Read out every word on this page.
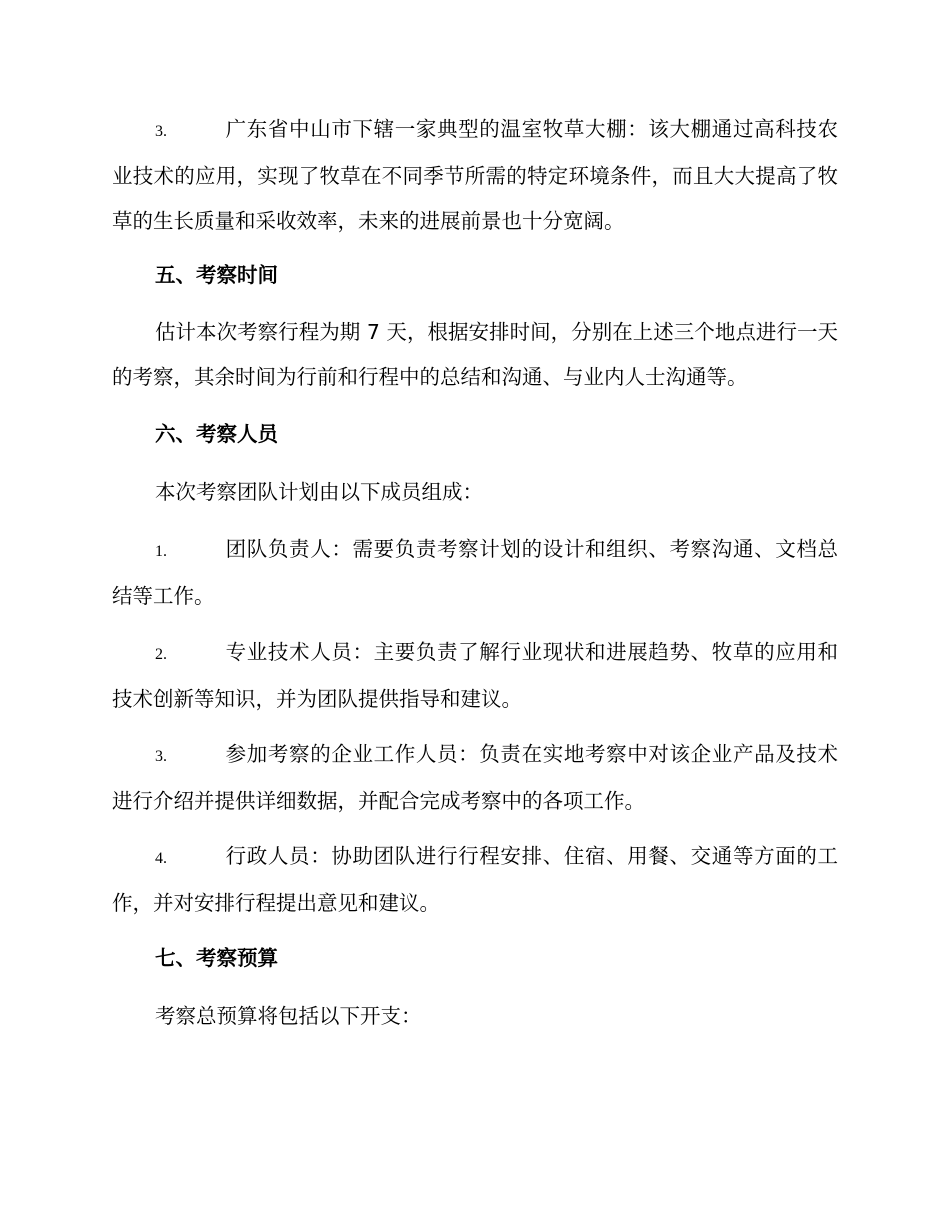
3.	广东省中山市下辖一家典型的温室牧草大棚：该大棚通过高科技农业技术的应用，实现了牧草在不同季节所需的特定环境条件，而且大大提高了牧草的生长质量和采收效率，未来的进展前景也十分宽阔。
五、考察时间
估计本次考察行程为期 7 天，根据安排时间，分别在上述三个地点进行一天的考察，其余时间为行前和行程中的总结和沟通、与业内人士沟通等。
六、考察人员
本次考察团队计划由以下成员组成：
1.	团队负责人：需要负责考察计划的设计和组织、考察沟通、文档总结等工作。
2.	专业技术人员：主要负责了解行业现状和进展趋势、牧草的应用和技术创新等知识，并为团队提供指导和建议。
3.	参加考察的企业工作人员：负责在实地考察中对该企业产品及技术进行介绍并提供详细数据，并配合完成考察中的各项工作。
4.	行政人员：协助团队进行行程安排、住宿、用餐、交通等方面的工作，并对安排行程提出意见和建议。
七、考察预算
考察总预算将包括以下开支：
